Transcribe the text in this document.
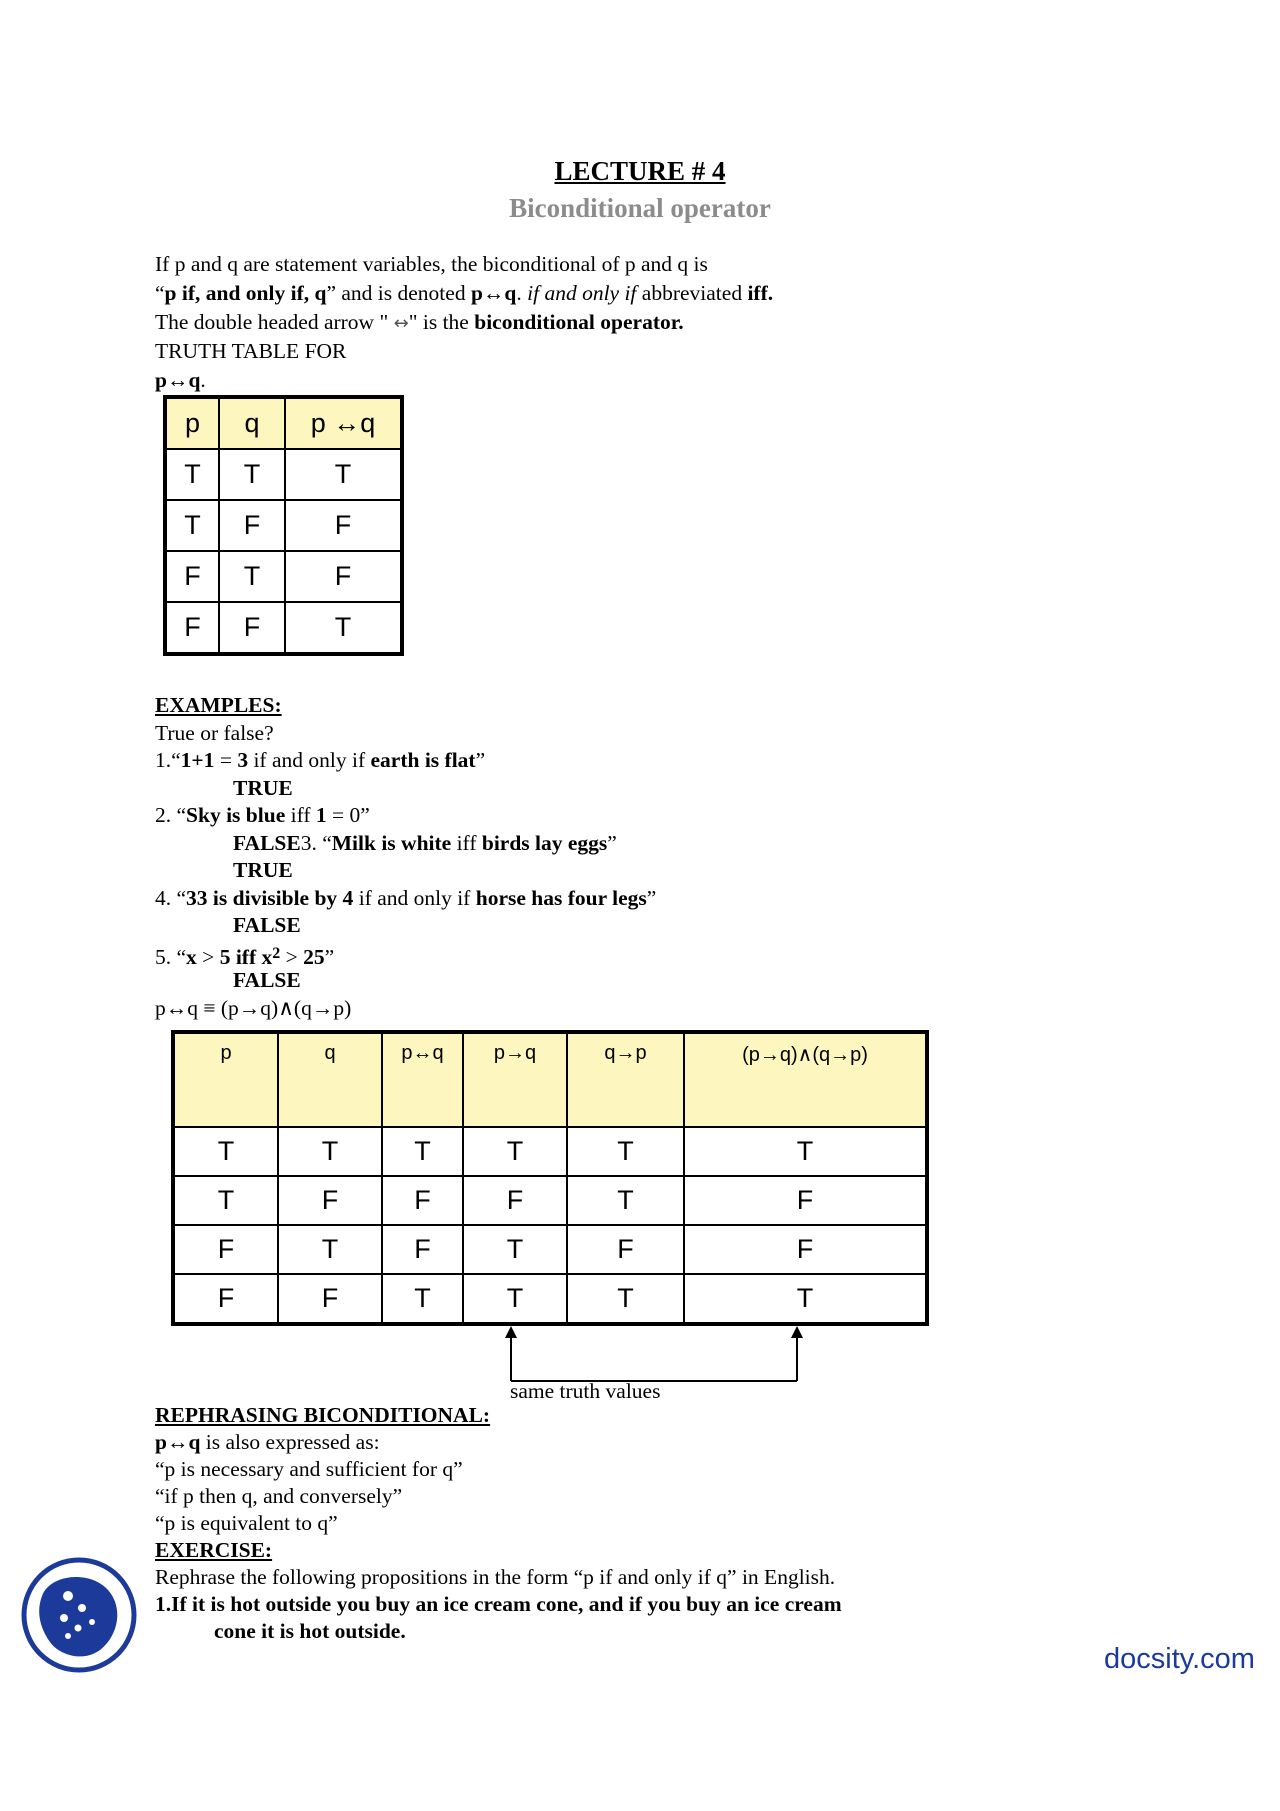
LECTURE # 4
Biconditional operator
If p and q are statement variables, the biconditional of p and q is
“p if, and only if, q” and is denoted p↔q. if and only if abbreviated iff.
The double headed arrow " ↔" is the biconditional operator.
TRUTH TABLE FOR
p↔q.
p	q	p ↔q
T	T	T
T	F	F
F	T	F
F	F	T
EXAMPLES:
True or false?
1.“1+1 = 3 if and only if earth is flat”
TRUE
2. “Sky is blue iff 1 = 0”
FALSE3. “Milk is white iff birds lay eggs”
TRUE
4. “33 is divisible by 4 if and only if horse has four legs”
FALSE
5. “x > 5 iff $x^2 > 25$”
FALSE
p↔q ≡ (p→q)∧(q→p)
p	q	p↔q	p→q	q→p	(p→q)∧(q→p)
T	T	T	T	T	T
T	F	F	F	T	F
F	T	F	T	F	F
F	F	T	T	T	T
same truth values
REPHRASING BICONDITIONAL:
p↔q is also expressed as:
“p is necessary and sufficient for q”
“if p then q, and conversely”
“p is equivalent to q”
EXERCISE:
Rephrase the following propositions in the form “p if and only if q” in English.
1.If it is hot outside you buy an ice cream cone, and if you buy an ice cream
cone it is hot outside.
docsity.com
